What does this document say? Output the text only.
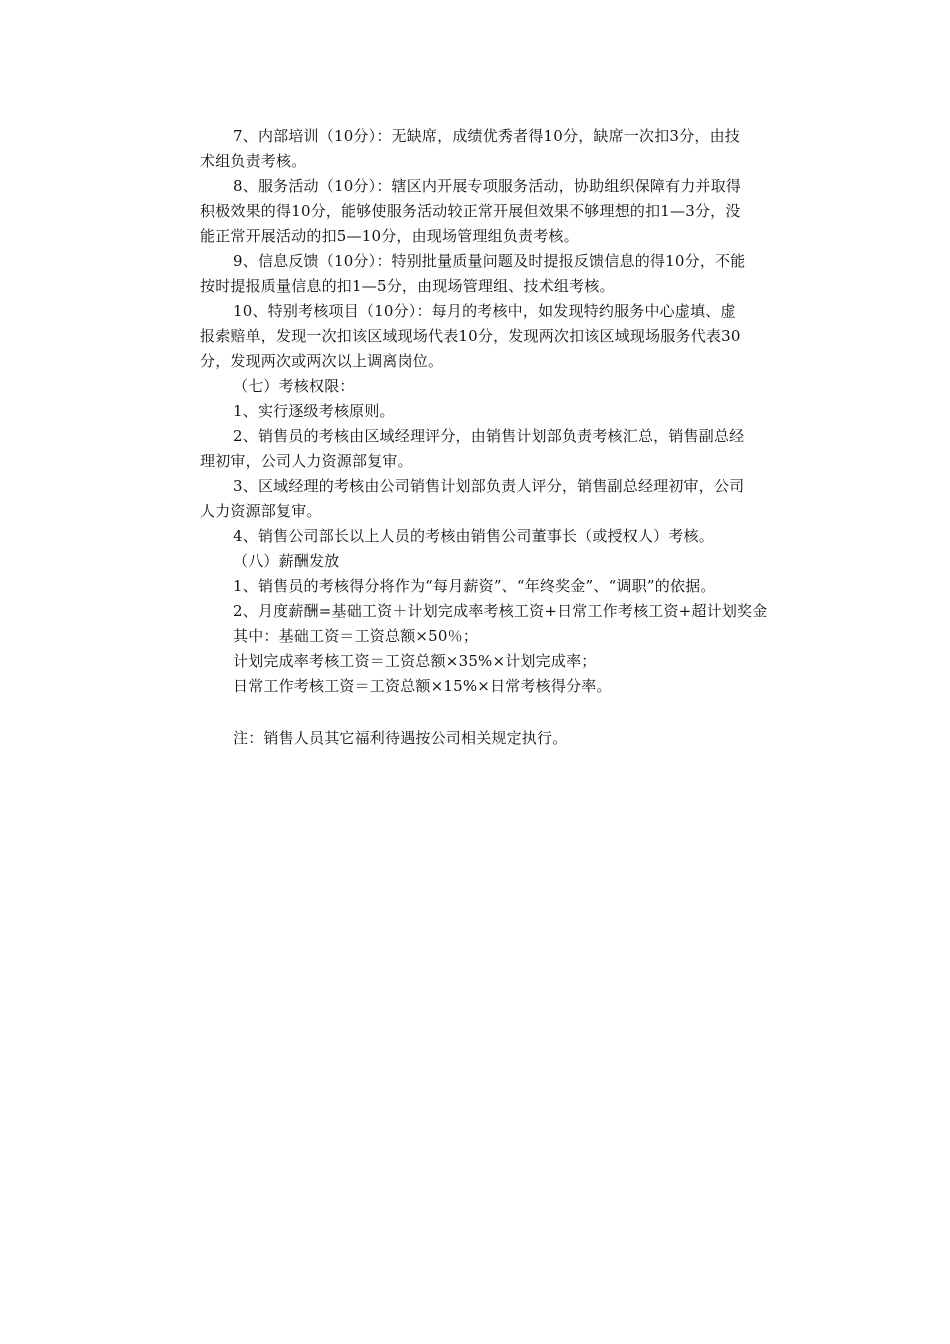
7、内部培训（10分）：无缺席，成绩优秀者得10分，缺席一次扣3分，由技
术组负责考核。
8、服务活动（10分）：辖区内开展专项服务活动，协助组织保障有力并取得
积极效果的得10分，能够使服务活动较正常开展但效果不够理想的扣1—3分，没
能正常开展活动的扣5—10分，由现场管理组负责考核。
9、信息反馈（10分）：特别批量质量问题及时提报反馈信息的得10分，不能
按时提报质量信息的扣1—5分，由现场管理组、技术组考核。
10、特别考核项目（10分）：每月的考核中，如发现特约服务中心虚填、虚
报索赔单，发现一次扣该区域现场代表10分，发现两次扣该区域现场服务代表30
分，发现两次或两次以上调离岗位。
（七）考核权限：
1、实行逐级考核原则。
2、销售员的考核由区域经理评分，由销售计划部负责考核汇总，销售副总经
理初审，公司人力资源部复审。
3、区域经理的考核由公司销售计划部负责人评分，销售副总经理初审，公司
人力资源部复审。
4、销售公司部长以上人员的考核由销售公司董事长（或授权人）考核。
（八）薪酬发放
1、销售员的考核得分将作为“每月薪资”、“年终奖金”、“调职”的依据。
2、月度薪酬=基础工资＋计划完成率考核工资+日常工作考核工资+超计划奖金
其中：基础工资＝工资总额×50％；
计划完成率考核工资＝工资总额×35%×计划完成率；
日常工作考核工资＝工资总额×15%×日常考核得分率。
注：销售人员其它福利待遇按公司相关规定执行。
